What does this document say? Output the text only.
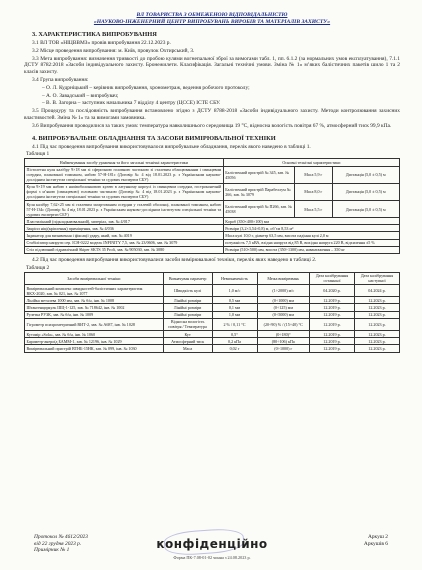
ВЛ ТОВАРИСТВА З ОБМЕЖЕНОЮ ВІДПОВІДАЛЬНІСТЮ
«НАУКОВО-ІНЖЕНЕРНИЙ ЦЕНТР ВИПРОБУВАНЬ ВИРОБІВ ТА МАТЕРІАЛІВ ЗАХИСТУ»
3. ХАРАКТЕРИСТИКА ВИПРОБУВАННЯ
3.1 ВЛ ТОВ «НІЦВВМЗ» провів випробування 22.12.2023 р.
3.2 Місце проведення випробування: м. Київ, провулок Охтирський, 3.
3.3 Мета випробування: визначення тривкості до пробою кулями вогнепальної зброї за вимогами табл. 1, пп. 6.1.2 (за нормальних умов експлуатування), 7.1.1 ДСТУ 8782:2018 «Засоби індивідуального захисту. Бронежилети. Класифікація. Загальні технічні умови. Зміна № 1» м’яких балістичних пакетів шило 1 та 2 класів захисту.
3.4 Група випробування:
– О. Л. Кудрніцький – керівник випробування, хронометраж, ведення робочого протоколу;
– А. О. Завадський – випробувач;
– В. В. Загорна – заступник начальника 7 відділу 4 центру (ЦССЕ) ІСТЕ СБУ.
3.5 Процедуру та послідовність випробування встановлено згідно з ДСТУ 8788-2018 «Засоби індивідуального захисту. Методи контролювання захисних властивостей. Зміна № 1» та за вимогами замовника.
3.6 Випробування проводилися за таких умов: температура навколишнього середовища 19 °С, відносна вологість повітря 67 %, атмосферний тиск 99,9 кПа.
4. ВИПРОБУВАЛЬНЕ ОБЛАДНАННЯ ТА ЗАСОБИ ВИМІРЮВАЛЬНОЇ ТЕХНІКИ
4.1 Під час проведення випробування використовувалося випробувальне обладнання, перелік якого наведено в таблиці 1.
Таблиця 1
Найменування засобу ураження та його загальні технічні характеристики	Основні технічні характеристики		
Пістолетна куля калібру 9×18 мм зі сферичною головною частиною зі сталевим облицюванням і свинцевим осердям, плакованої томпаком, набою 57-Н-181с (Договір № 4 від 18.01.2023 р. з Українським науково-дослідним інститутом спеціальної техніки та судових експертиз СБУ)	Балістичний пристрій № 345, зав. № 45056	Маса 5,9 г	Дистанція (5,0 ± 0,5) м
Куля 9×19 мм набою з напівоболонковою кулею в латунному корпусі із свинцевим осердям, гостроконечній формі з м’якою (свинцевою) головною частиною (Договір № 4 від 18.01.2023 р. з Українським науково-дослідним інститутом спеціальної техніки та судових експертиз СБУ)	Балістичний пристрій Парабеллум № 266, зав. № 3079	Маса 8,0 г	Дистанція (5,0 ± 0,5) м
Куля калібру 7,62×25 мм зі сталевим загартованим осердям у сталевій оболонці, плакованої томпаком, набою 57-Н-134с (Договір № 4 від 18.01.2023 р. з Українським науково-дослідним інститутом спеціальної техніки та судових експертиз СБУ)	Балістичний пристрій № П266, зав. № 45038	Маса 5,5 г	Дистанція (5,0 ± 0,5) м
Пластилінний (підкладкаювальний), матеріал, зав. № 4/017	Короб (350×400×100) мм		
Закріпл ніці(кріплення) приміщення, зав. № 4/036	Розміри (3,2×3,54×0,8) м, об’єм 8,53 м³		
Індикатор для визначення і фіксації удару, який, зав. № 4019	Маса кулі 10,0 г, діаметр 63,5 мм, висота падіння кулі 2,0 м		
Стабілізатор напруги сер. ІСН-0222 модель INFINITY 7,5, зав. № 23/0606, зав. № 3079	потужність 7,5 кВА, вхідна напруга від 85 В, вихідна напруга 220 В, відхилення ±5 %		
Стіл підлюпний гідравлічний Skiper SKTS 35 Profi, зав. № 905030, зав. № 3080	Розміри (510×500) мм, висота (350÷1300) мм, навантаження – 350 кг		
4.2 Під час проведення випробування використовувалися засоби вимірювальної техніки, перелік яких наведено в таблиці 2.
Таблиця 2
Засоби вимірювальної техніки	Визначуван параметр	Невизначеність	Межа вимірювань	Дата калібрування останньої	Дата калібрування наступної
Вимірювальний комплекс швидкостей-балістичних характеристик ВКХ-2020, зав. № 021, інв. № 1077	Швидкість кулі	1,0 м/с	(1÷2000) м/с	04.2020 р.	04.2024 р.
Лінійка металева 1000 мм, зав. № б/н, інв. № 1008	Лінійні розміри	0,5 мм	(0÷1000) мм	12.2019 р.	12.2023 р.
Штангенциркуль ШЦ-1-125, зав. № 718642, інв. № 1002	Лінійні розміри	0,1 мм	(0÷125) мм	12.2019 р.	12.2023 р.
Рулетка РУ3К, зав. № б/н, інв. № 1009	Лінійні розміри	1,0 мм	(0÷5000) мм	12.2019 р.	12.2023 р.
Гігрометр психрометричний ВИТ-2, зав. № А687, інв. № 1028	Відносна вологість повітря / Температура	2 % / 0,11 °С	(20÷90) % / (15÷40) °С	12.2019 р.	12.2023 р.
Кутомір «Sola», зав. № б/н, інв. № 1060	Кут	0,5°	(0÷180)°	12.2019 р.	12.2023 р.
Барометр-анероїд БАММ-1, зав. № 12196, інв. № 1029	Атмосферний тиск	0,2 кПа	(80÷106) кПа	12.2019 р.	12.2023 р.
Вимірювальний пристрій ВТНБ-15НК, зав. № 099, інв. № 1030	Маса	0,02 г	(0÷1000) г	12.2019 р.	12.2023 р.
Протокол № 4612/2023
від 22 грудня 2023 р.
Примірник № 1	конфіденційно
Форма ПК-7.08-01-02 чинна з 24.08.2023 р.
Аркуш 2
Аркушів 6
